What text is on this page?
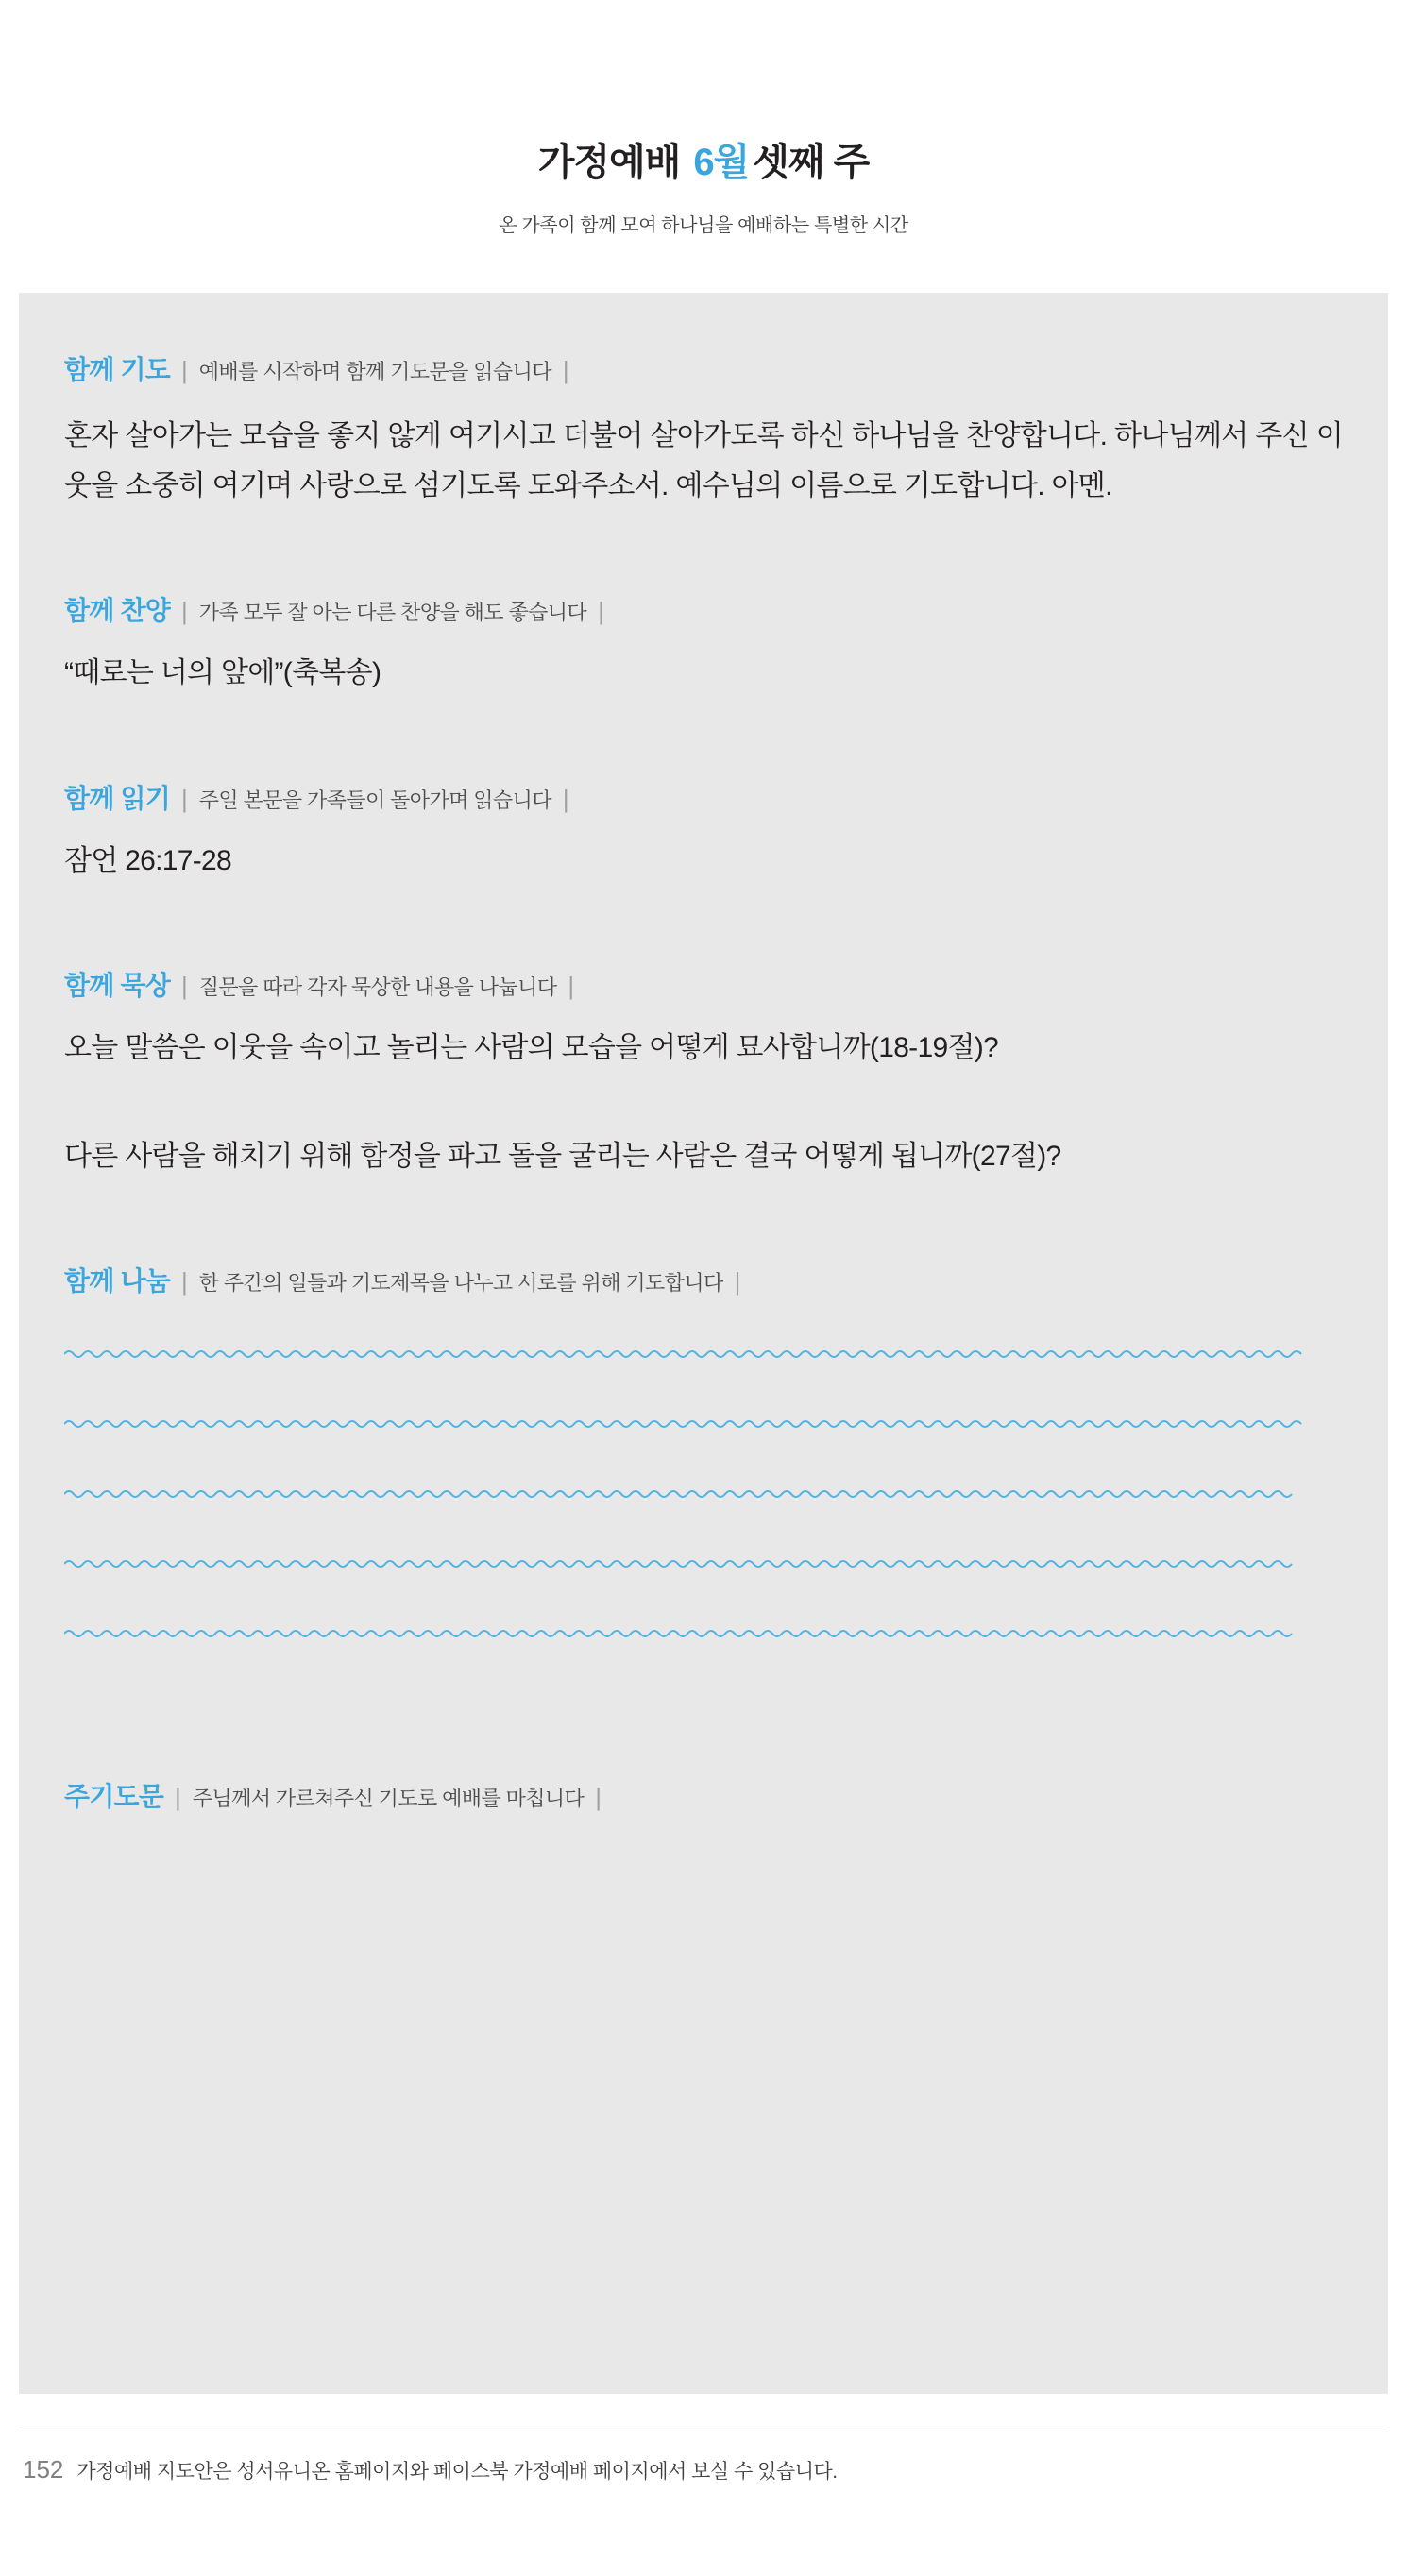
가정예배 6월 셋째 주
온 가족이 함께 모여 하나님을 예배하는 특별한 시간
함께 기도 | 예배를 시작하며 함께 기도문을 읽습니다 |
혼자 살아가는 모습을 좋지 않게 여기시고 더불어 살아가도록 하신 하나님을 찬양합니다. 하나님께서 주신 이웃을 소중히 여기며 사랑으로 섬기도록 도와주소서. 예수님의 이름으로 기도합니다. 아멘.
함께 찬양 | 가족 모두 잘 아는 다른 찬양을 해도 좋습니다 |
“때로는 너의 앞에”(축복송)
함께 읽기 | 주일 본문을 가족들이 돌아가며 읽습니다 |
잠언 26:17-28
함께 묵상 | 질문을 따라 각자 묵상한 내용을 나눕니다 |
오늘 말씀은 이웃을 속이고 놀리는 사람의 모습을 어떻게 묘사합니까(18-19절)?
다른 사람을 해치기 위해 함정을 파고 돌을 굴리는 사람은 결국 어떻게 됩니까(27절)?
함께 나눔 | 한 주간의 일들과 기도제목을 나누고 서로를 위해 기도합니다 |
주기도문 | 주님께서 가르쳐주신 기도로 예배를 마칩니다 |
152 가정예배 지도안은 성서유니온 홈페이지와 페이스북 가정예배 페이지에서 보실 수 있습니다.
